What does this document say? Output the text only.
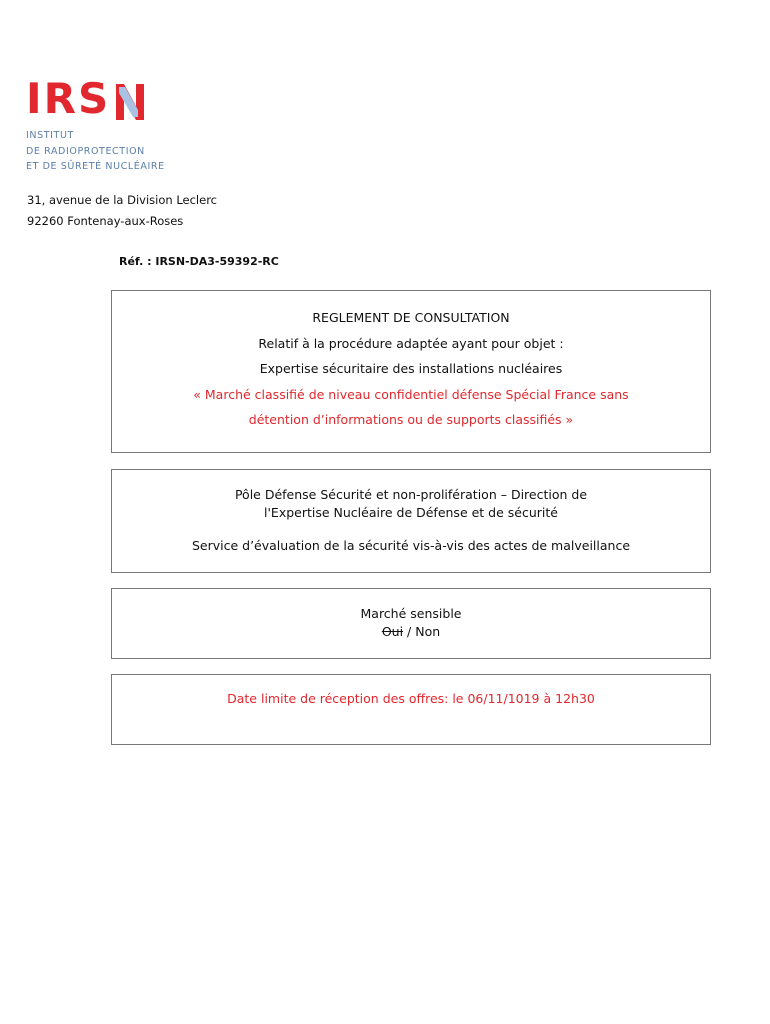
IRS
INSTITUT
DE RADIOPROTECTION
ET DE SÛRETÉ NUCLÉAIRE
31, avenue de la Division Leclerc
92260 Fontenay-aux-Roses
Réf. : IRSN-DA3-59392-RC
REGLEMENT DE CONSULTATION
Relatif à la procédure adaptée ayant pour objet :
Expertise sécuritaire des installations nucléaires
« Marché classifié de niveau confidentiel défense Spécial France sans
détention d’informations ou de supports classifiés »
Pôle Défense Sécurité et non-prolifération – Direction de
l'Expertise Nucléaire de Défense et de sécurité
Service d’évaluation de la sécurité vis-à-vis des actes de malveillance
Marché sensible
Oui / Non
Date limite de réception des offres: le 06/11/1019 à 12h30
